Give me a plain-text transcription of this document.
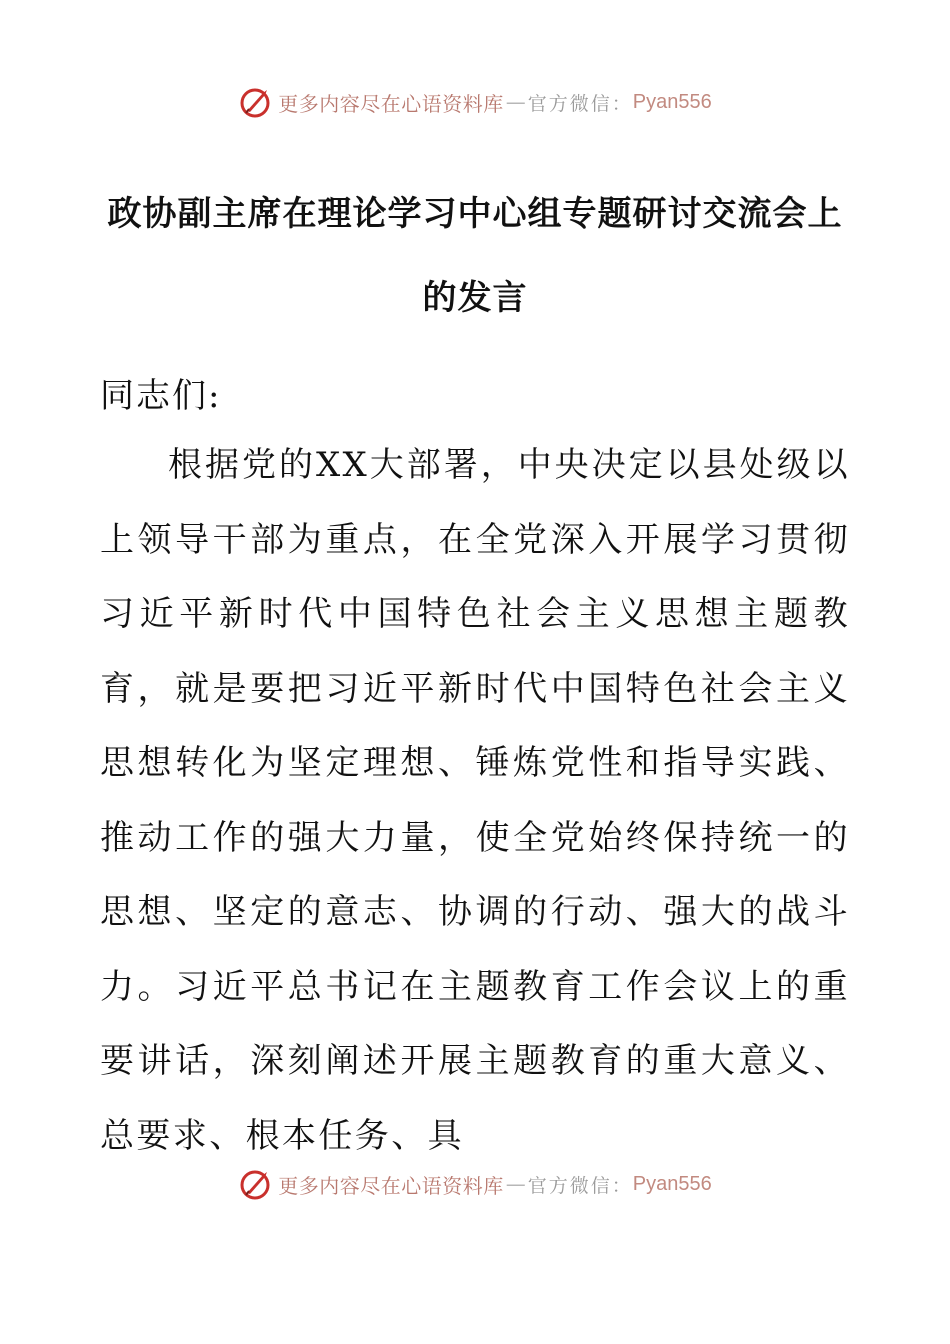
更多内容尽在心语资料库 — 官方微信： Pyan556
政协副主席在理论学习中心组专题研讨交流会上的发言

同志们:

根据党的XX大部署，中央决定以县处级以上领导干部为重点，在全党深入开展学习贯彻习近平新时代中国特色社会主义思想主题教育，就是要把习近平新时代中国特色社会主义思想转化为坚定理想、锤炼党性和指导实践、推动工作的强大力量，使全党始终保持统一的思想、坚定的意志、协调的行动、强大的战斗力。习近平总书记在主题教育工作会议上的重要讲话，深刻阐述开展主题教育的重大意义、总要求、根本任务、具

更多内容尽在心语资料库 — 官方微信： Pyan556
